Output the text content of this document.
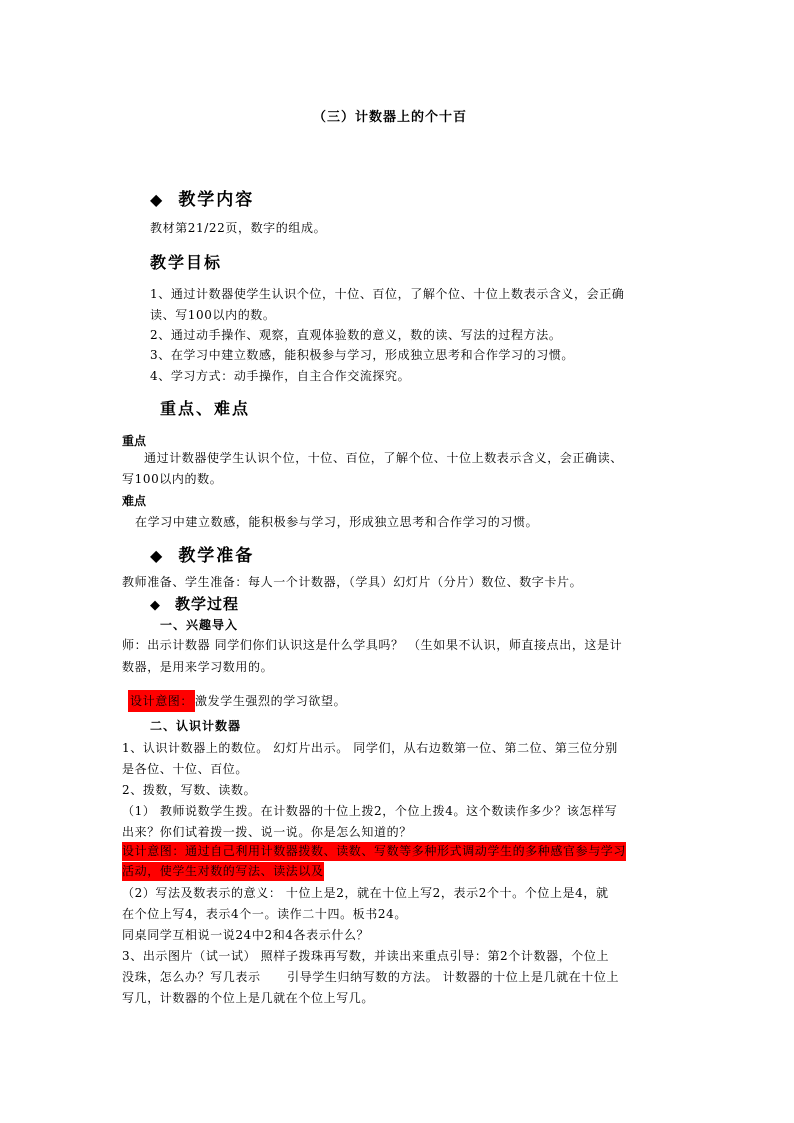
（三）计数器上的个十百
◆ 教学内容
教材第21/22页，数字的组成。
教学目标
1、通过计数器使学生认识个位，十位、百位，了解个位、十位上数表示含义，会正确
读、写100以内的数。
2、通过动手操作、观察，直观体验数的意义，数的读、写法的过程方法。
3、在学习中建立数感，能积极参与学习，形成独立思考和合作学习的习惯。
4、学习方式：动手操作，自主合作交流探究。
重点、难点
重点
通过计数器使学生认识个位，十位、百位，了解个位、十位上数表示含义，会正确读、
写100以内的数。
难点
在学习中建立数感，能积极参与学习，形成独立思考和合作学习的习惯。
◆ 教学准备
教师准备、学生准备：每人一个计数器，（学具）幻灯片（分片）数位、数字卡片。
◆ 教学过程
一、兴趣导入
师：出示计数器 同学们你们认识这是什么学具吗？ （生如果不认识，师直接点出，这是计
数器，是用来学习数用的。
设计意图： 激发学生强烈的学习欲望。
二、认识计数器
1、认识计数器上的数位。 幻灯片出示。 同学们，从右边数第一位、第二位、第三位分别
是各位、十位、百位。
2、拨数，写数、读数。
（1） 教师说数学生拨。在计数器的十位上拨2，个位上拨4。这个数读作多少？该怎样写
出来？你们试着拨一拨、说一说。你是怎么知道的？
设计意图：通过自己利用计数器拨数、读数、写数等多种形式调动学生的多种感官参与学习
活动，使学生对数的写法、读法以及
（2）写法及数表示的意义： 十位上是2，就在十位上写2，表示2个十。个位上是4，就
在个位上写4，表示4个一。读作二十四。板书24。
同桌同学互相说一说24中2和4各表示什么？
3、出示图片（试一试） 照样子拨珠再写数，并读出来重点引导：第2个计数器，个位上
没珠，怎么办？写几表示      引导学生归纳写数的方法。 计数器的十位上是几就在十位上
写几，计数器的个位上是几就在个位上写几。
